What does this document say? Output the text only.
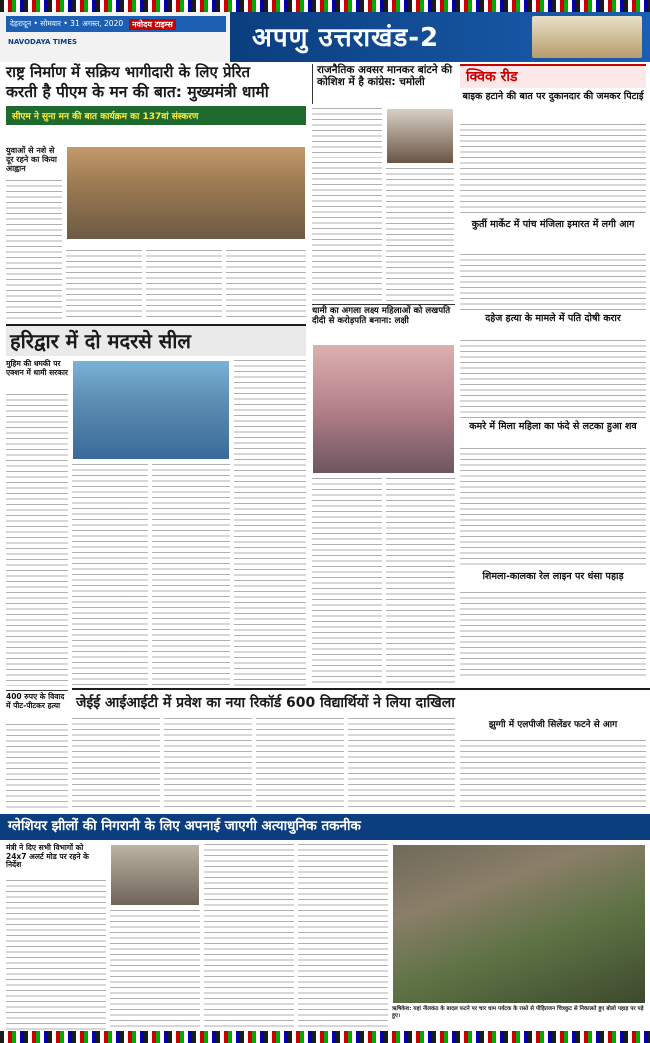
देहरादून • सोमवार • 31 अगस्त, 2020	नवोदय टाइम्स
NAVODAYA TIMES	अपणु उत्तराखंड-2
राष्ट्र निर्माण में सक्रिय भागीदारी के लिए प्रेरित
करती है पीएम के मन की बात: मुख्यमंत्री धामी
सीएम ने सुना मन की बात कार्यक्रम का 137वां संस्करण
राजनैतिक अवसर मानकर बांटने की कोशिश में है कांग्रेस: चमोली
युवाओं से नशे से दूर रहने का किया आह्वान
धामी का अगला लक्ष्य महिलाओं को लखपति दीदी से करोड़पति बनाना: लक्षी
हरिद्वार में दो मदरसे सील
मुहिम की धमकी पर एक्शन में धामी सरकार
400 रुपए के विवाद में पीट-पीटकर हत्या	जेईई आईआईटी में प्रवेश का नया रिकॉर्ड 600 विद्यार्थियों ने लिया दाखिला
क्विक रीड
बाइक हटाने की बात पर दुकानदार की जमकर पिटाई
कुर्ती मार्केट में पांच मंजिला इमारत में लगी आग
दहेज हत्या के मामले में पति दोषी करार
कमरे में मिला महिला का फंदे से लटका हुआ शव
शिमला-कालका रेल लाइन पर धंसा पहाड़
झुग्गी में एलपीजी सिलेंडर फटने से आग
ग्लेशियर झीलों की निगरानी के लिए अपनाई जाएगी अत्याधुनिक तकनीक
मंत्री ने दिए सभी विभागों को 24x7 अलर्ट मोड पर रहने के निर्देश
ऋषिकेश: यहां नीलकंठ के बादल फटने पर चार धाम पर्यटक के रास्ते से पीड़ितजन चित्रकुट से निकालते हुए बोलो पहाड़ पर पड़े हुए।
